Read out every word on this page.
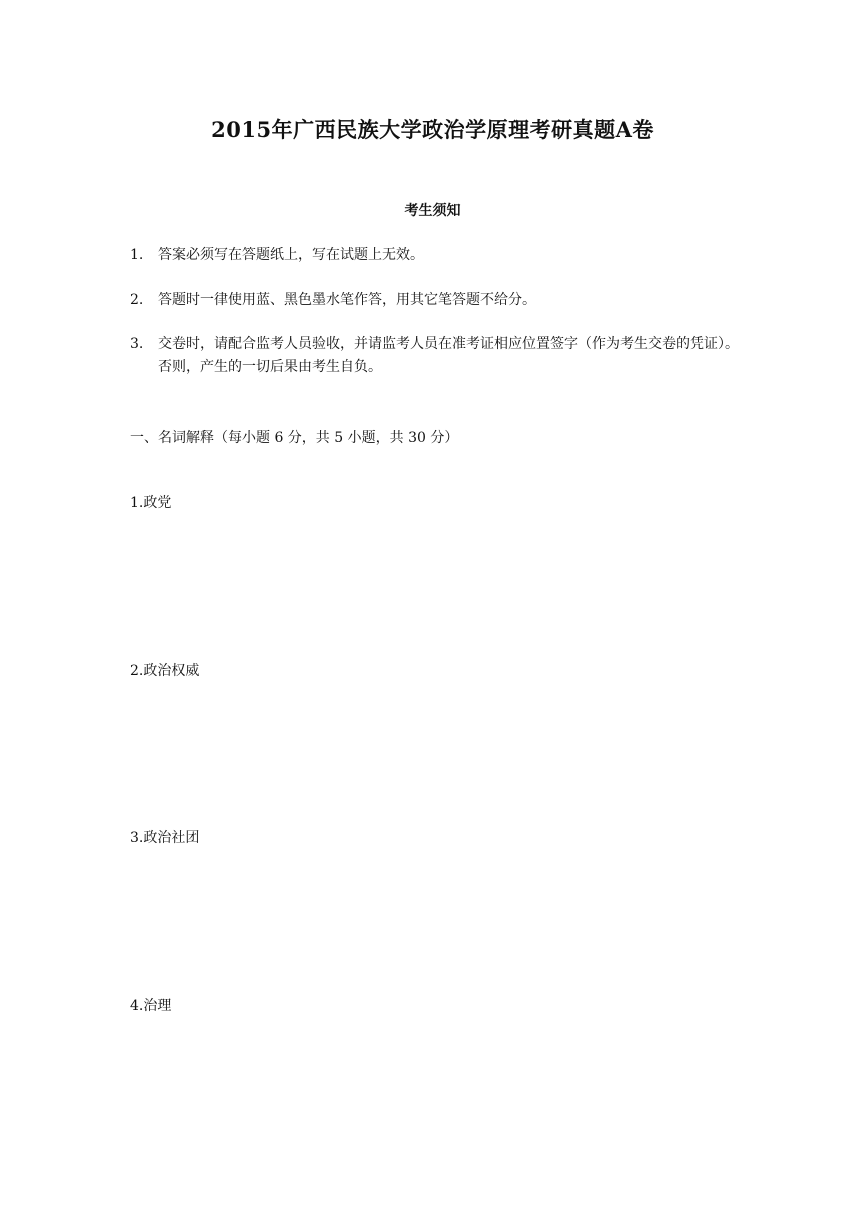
2015年广西民族大学政治学原理考研真题A卷
考生须知
1.	答案必须写在答题纸上，写在试题上无效。
2.	答题时一律使用蓝、黑色墨水笔作答，用其它笔答题不给分。
3.	交卷时，请配合监考人员验收，并请监考人员在准考证相应位置签字（作为考生交卷的凭证）。否则，产生的一切后果由考生自负。
一、名词解释（每小题 6 分，共 5 小题，共 30 分）
1.政党
2.政治权威
3.政治社团
4.治理
